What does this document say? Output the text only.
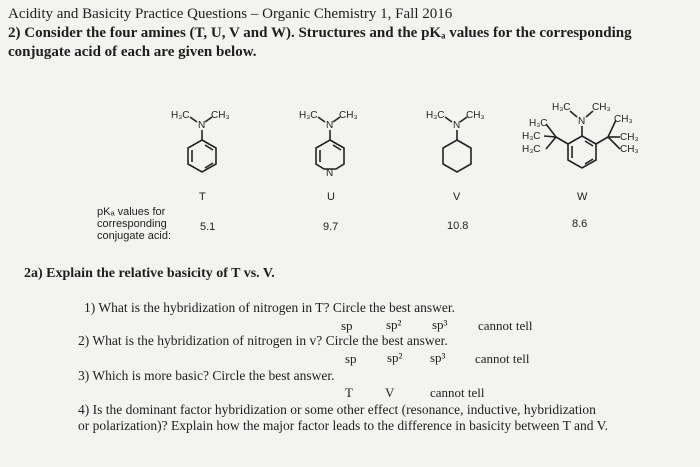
Acidity and Basicity Practice Questions – Organic Chemistry 1, Fall 2016
2) Consider the four amines (T, U, V and W). Structures and the pKₐ values for the corresponding
conjugate acid of each are given below.
H₃C
N
CH₃	H₃C
N
CH₃
N
H₃C
N
CH₃
H₃C
N
CH₃
CH₃
H₃C
H₃C
H₃C
CH₃
CH₃
T	U	V	W
pKₐ values for
corresponding
conjugate acid:
5.1	9.7	10.8	8.6
2a) Explain the relative basicity of T vs. V.
1) What is the hybridization of nitrogen in T? Circle the best answer.
sp	sp² sp³ cannot tell
2) What is the hybridization of nitrogen in v? Circle the best answer.
sp sp² sp³ cannot tell
3) Which is more basic? Circle the best answer.
T V	cannot tell
4) Is the dominant factor hybridization or some other effect (resonance, inductive, hybridization
or polarization)? Explain how the major factor leads to the difference in basicity between T and V.
